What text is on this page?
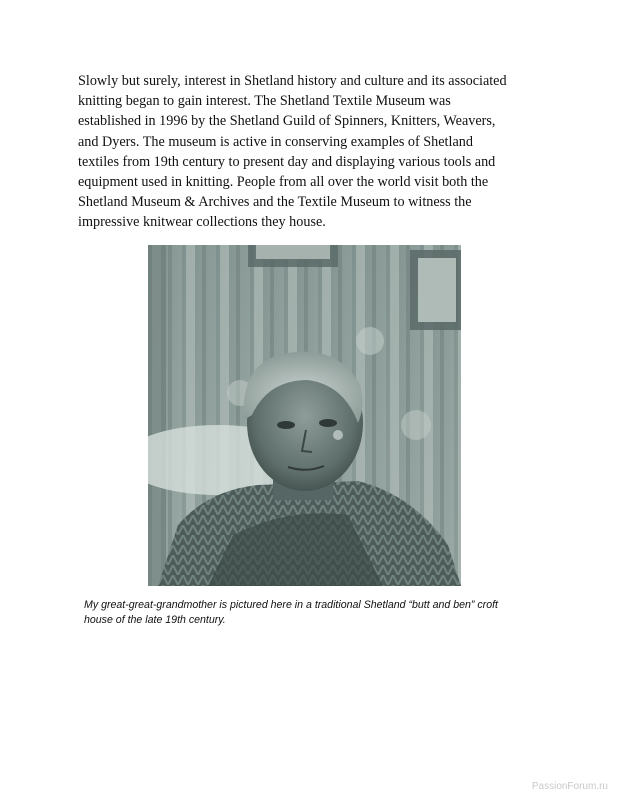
Slowly but surely, interest in Shetland history and culture and its associated
knitting began to gain interest. The Shetland Textile Museum was
established in 1996 by the Shetland Guild of Spinners, Knitters, Weavers,
and Dyers. The museum is active in conserving examples of Shetland
textiles from 19th century to present day and displaying various tools and
equipment used in knitting. People from all over the world visit both the
Shetland Museum & Archives and the Textile Museum to witness the
impressive knitwear collections they house.
My great-great-grandmother is pictured here in a traditional Shetland “butt and ben” croft
house of the late 19th century.
PassionForum.ru
